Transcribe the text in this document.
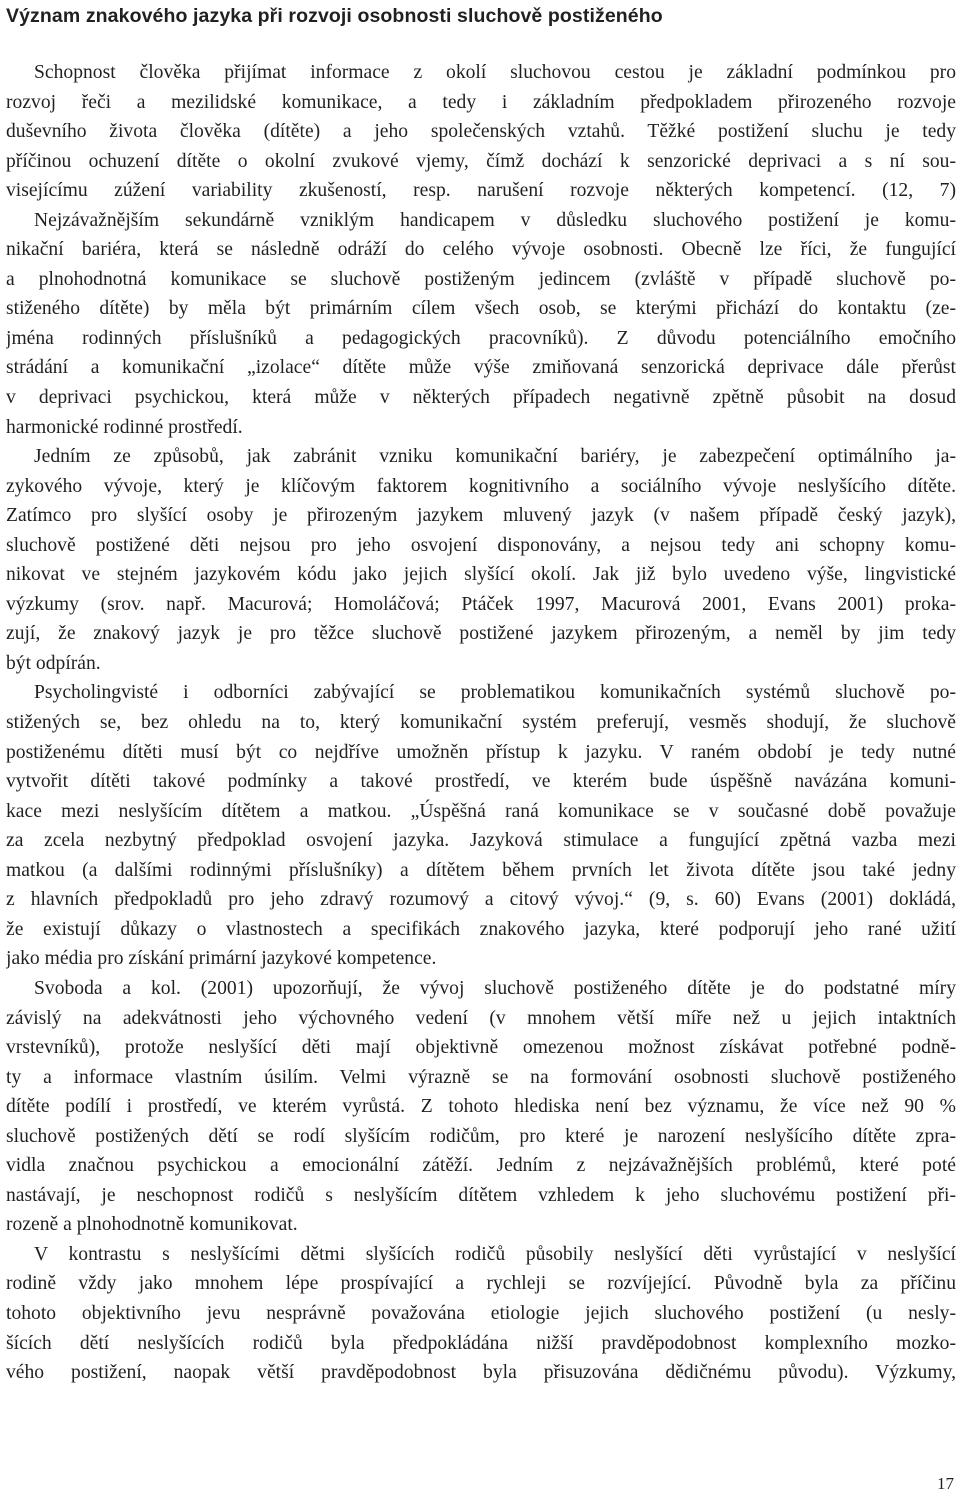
Význam znakového jazyka při rozvoji osobnosti sluchově postiženého
Schopnost člověka přijímat informace z okolí sluchovou cestou je základní podmínkou pro
rozvoj řeči a mezilidské komunikace, a tedy i základním předpokladem přirozeného rozvoje
duševního života člověka (dítěte) a jeho společenských vztahů. Těžké postižení sluchu je tedy
příčinou ochuzení dítěte o okolní zvukové vjemy, čímž dochází k senzorické deprivaci a s ní sou-
visejícímu zúžení variability zkušeností, resp. narušení rozvoje některých kompetencí. (12, 7)
Nejzávažnějším sekundárně vzniklým handicapem v důsledku sluchového postižení je komu-
nikační bariéra, která se následně odráží do celého vývoje osobnosti. Obecně lze říci, že fungující
a plnohodnotná komunikace se sluchově postiženým jedincem (zvláště v případě sluchově po-
stiženého dítěte) by měla být primárním cílem všech osob, se kterými přichází do kontaktu (ze-
jména rodinných příslušníků a pedagogických pracovníků). Z důvodu potenciálního emočního
strádání a komunikační „izolace“ dítěte může výše zmiňovaná senzorická deprivace dále přerůst
v deprivaci psychickou, která může v některých případech negativně zpětně působit na dosud
harmonické rodinné prostředí.
Jedním ze způsobů, jak zabránit vzniku komunikační bariéry, je zabezpečení optimálního ja-
zykového vývoje, který je klíčovým faktorem kognitivního a sociálního vývoje neslyšícího dítěte.
Zatímco pro slyšící osoby je přirozeným jazykem mluvený jazyk (v našem případě český jazyk),
sluchově postižené děti nejsou pro jeho osvojení disponovány, a nejsou tedy ani schopny komu-
nikovat ve stejném jazykovém kódu jako jejich slyšící okolí. Jak již bylo uvedeno výše, lingvistické
výzkumy (srov. např. Macurová; Homoláčová; Ptáček 1997, Macurová 2001, Evans 2001) proka-
zují, že znakový jazyk je pro těžce sluchově postižené jazykem přirozeným, a neměl by jim tedy
být odpírán.
Psycholingvisté i odborníci zabývající se problematikou komunikačních systémů sluchově po-
stižených se, bez ohledu na to, který komunikační systém preferují, vesměs shodují, že sluchově
postiženému dítěti musí být co nejdříve umožněn přístup k jazyku. V raném období je tedy nutné
vytvořit dítěti takové podmínky a takové prostředí, ve kterém bude úspěšně navázána komuni-
kace mezi neslyšícím dítětem a matkou. „Úspěšná raná komunikace se v současné době považuje
za zcela nezbytný předpoklad osvojení jazyka. Jazyková stimulace a fungující zpětná vazba mezi
matkou (a dalšími rodinnými příslušníky) a dítětem během prvních let života dítěte jsou také jedny
z hlavních předpokladů pro jeho zdravý rozumový a citový vývoj.“ (9, s. 60) Evans (2001) dokládá,
že existují důkazy o vlastnostech a specifikách znakového jazyka, které podporují jeho rané užití
jako média pro získání primární jazykové kompetence.
Svoboda a kol. (2001) upozorňují, že vývoj sluchově postiženého dítěte je do podstatné míry
závislý na adekvátnosti jeho výchovného vedení (v mnohem větší míře než u jejich intaktních
vrstevníků), protože neslyšící děti mají objektivně omezenou možnost získávat potřebné podně-
ty a informace vlastním úsilím. Velmi výrazně se na formování osobnosti sluchově postiženého
dítěte podílí i prostředí, ve kterém vyrůstá. Z tohoto hlediska není bez významu, že více než 90 %
sluchově postižených dětí se rodí slyšícím rodičům, pro které je narození neslyšícího dítěte zpra-
vidla značnou psychickou a emocionální zátěží. Jedním z nejzávažnějších problémů, které poté
nastávají, je neschopnost rodičů s neslyšícím dítětem vzhledem k jeho sluchovému postižení při-
rozeně a plnohodnotně komunikovat.
V kontrastu s neslyšícími dětmi slyšících rodičů působily neslyšící děti vyrůstající v neslyšící
rodině vždy jako mnohem lépe prospívající a rychleji se rozvíjející. Původně byla za příčinu
tohoto objektivního jevu nesprávně považována etiologie jejich sluchového postižení (u nesly-
šících dětí neslyšících rodičů byla předpokládána nižší pravděpodobnost komplexního mozko-
vého postižení, naopak větší pravděpodobnost byla přisuzována dědičnému původu). Výzkumy,
17
